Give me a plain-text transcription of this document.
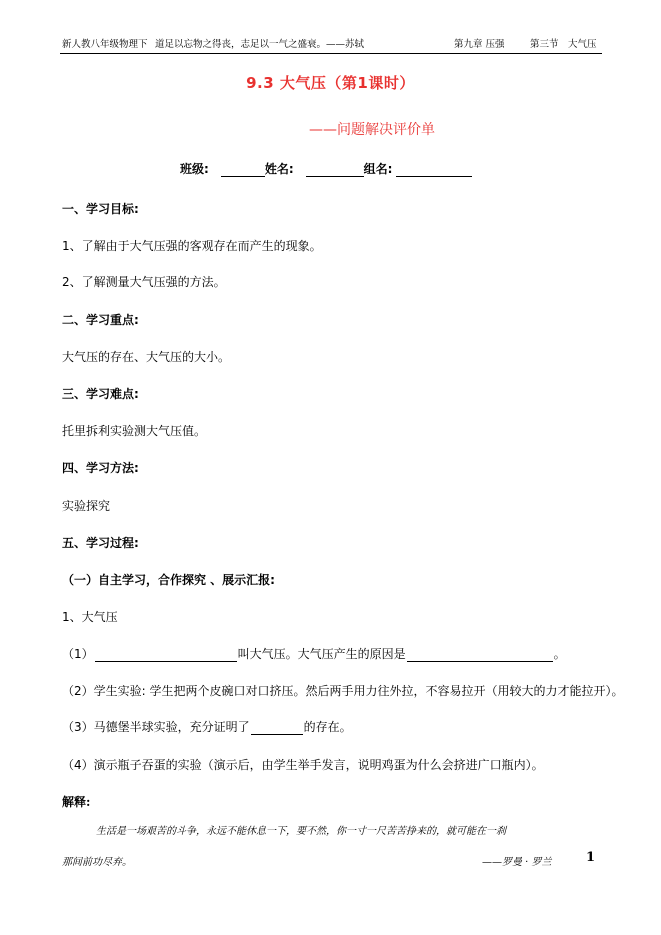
新人教八年级物理下 道足以忘物之得丧，志足以一气之盛衰。——苏轼	第九章 压强	第三节　大气压
9.3 大气压（第1课时）
——问题解决评价单
班级:	姓名:	组名:
一、学习目标:
1、了解由于大气压强的客观存在而产生的现象。
2、了解测量大气压强的方法。
二、学习重点:
大气压的存在、大气压的大小。
三、学习难点:
托里拆利实验测大气压值。
四、学习方法:
实验探究
五、学习过程:
（一）自主学习，合作探究 、展示汇报:
1、大气压
（1）	叫大气压。大气压产生的原因是	。
（2）学生实验: 学生把两个皮碗口对口挤压。然后两手用力往外拉，不容易拉开（用较大的力才能拉开）。
（3）马德堡半球实验，充分证明了	的存在。
（4）演示瓶子吞蛋的实验（演示后，由学生举手发言，说明鸡蛋为什么会挤进广口瓶内）。
解释:
生活是一场艰苦的斗争，永远不能休息一下，要不然，你一寸一尺苦苦挣来的，就可能在一刹
那间前功尽弃。	——罗曼 · 罗兰	1
